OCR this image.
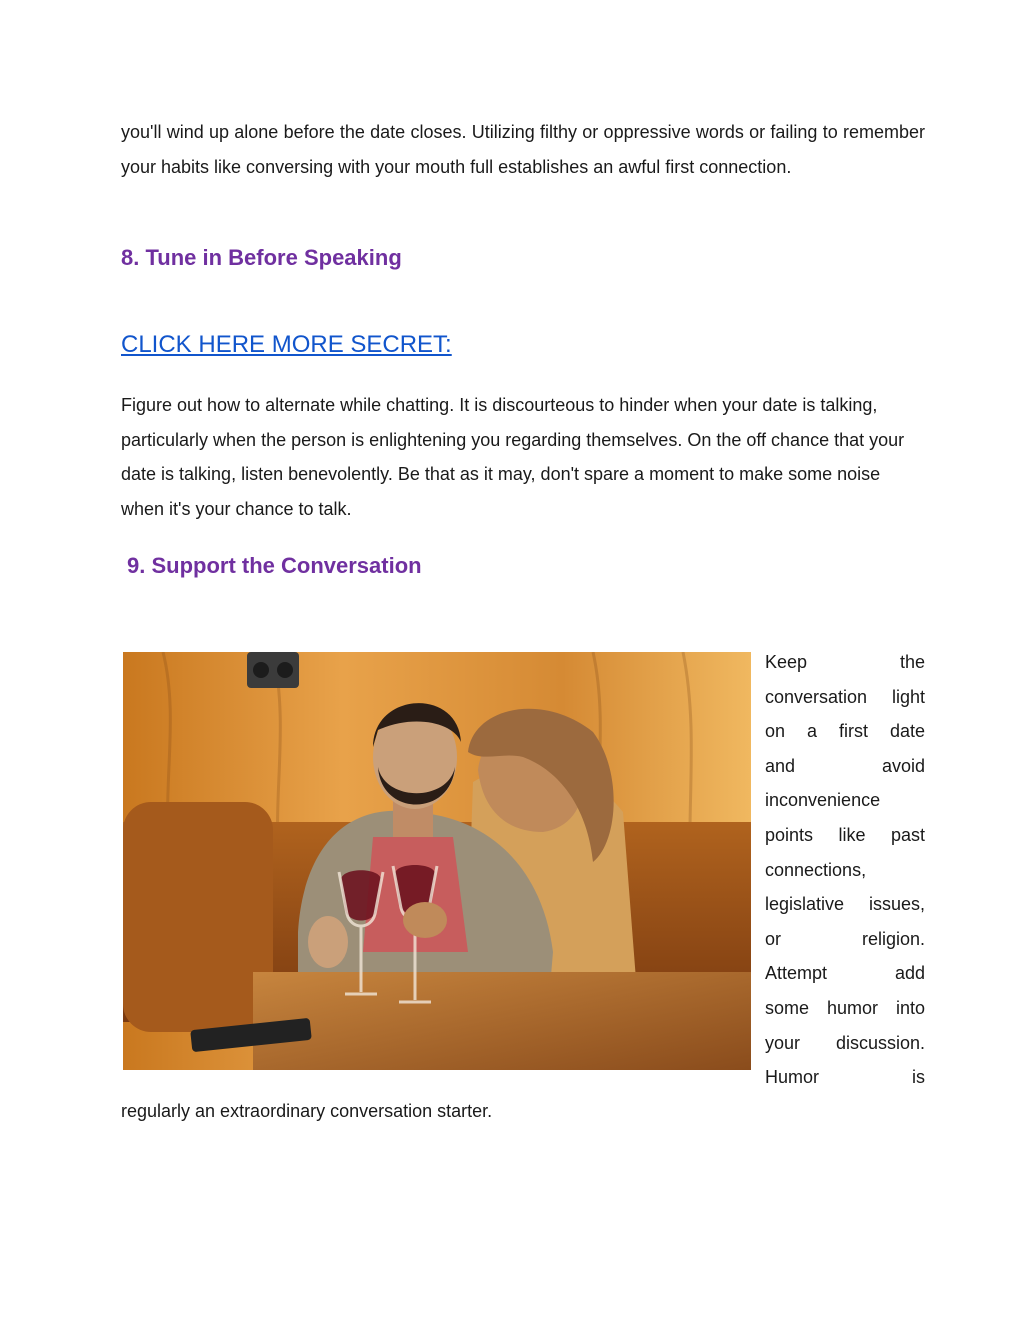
you'll wind up alone before the date closes. Utilizing filthy or oppressive words or failing to remember your habits like conversing with your mouth full establishes an awful first connection.

8. Tune in Before Speaking
CLICK HERE MORE SECRET:

Figure out how to alternate while chatting. It is discourteous to hinder when your date is talking, particularly when the person is enlightening you regarding themselves. On the off chance that your date is talking, listen benevolently. Be that as it may, don't spare a moment to make some noise when it's your chance to talk.

9. Support the Conversation
Keep	the
conversation light
on a first date
and	avoid
inconvenience
points like past
connections,
legislative issues,
or	religion.
Attempt	add
some humor into
your discussion.
Humor	is

regularly an extraordinary conversation starter.
